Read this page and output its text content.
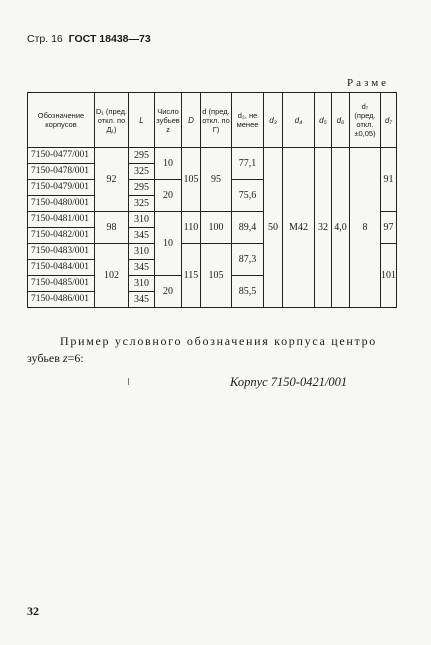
Стр. 16 ГОСТ 18438—73
Разме
Обозначение корпусов	D₁ (пред. откл. по Д₁)	L	Число зубьев z	D	d (пред. откл. по Г)	d₂, не менее	d₃	d₄	d₅	d₆	d₇ (пред. откл. ±0,05)	d₇
7150-0477/001	92	295	10	105	95	77,1	50	M42	32	4,0	8	91
7150-0478/001		325										
7150-0479/001		295	20			75,6						
7150-0480/001		325										
7150-0481/001	98	310	10	110	100	89,4						97
7150-0482/001		345										
7150-0483/001	102	310		115	105	87,3						101
7150-0484/001		345										
7150-0485/001		310	20			85,5						
7150-0486/001		345										
Пример условного обозначения корпуса центро
зубьев z=6:
Корпус 7150-0421/001
32
